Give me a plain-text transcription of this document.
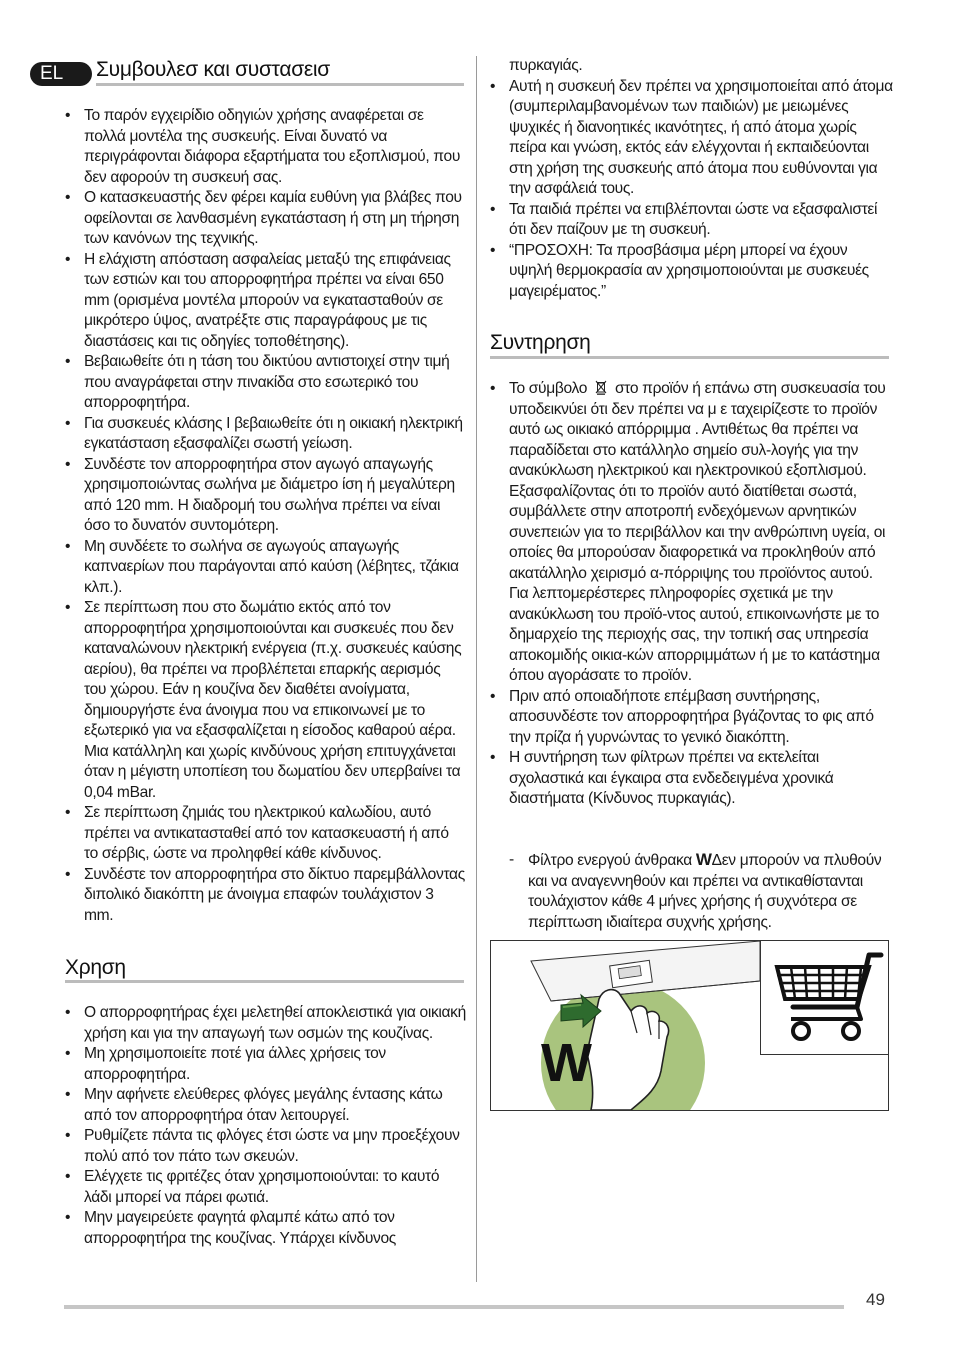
EL	Συμβουλεσ και συστασεισ
• Το παρόν εγχειρίδιο οδηγιών χρήσης αναφέρεται σε πολλά μοντέλα της συσκευής. Είναι δυνατό να περιγράφονται διάφορα εξαρτήματα του εξοπλισμού, που δεν αφορούν τη συσκευή σας.
• Ο κατασκευαστής δεν φέρει καμία ευθύνη για βλάβες που οφείλονται σε λανθασμένη εγκατάσταση ή στη μη τήρηση των κανόνων της τεχνικής.
• Η ελάχιστη απόσταση ασφαλείας μεταξύ της επιφάνειας των εστιών και του απορροφητήρα πρέπει να είναι 650 mm (ορισμένα μοντέλα μπορούν να εγκατασταθούν σε μικρότερο ύψος, ανατρέξτε στις παραγράφους με τις διαστάσεις και τις οδηγίες τοποθέτησης).
• Βεβαιωθείτε ότι η τάση του δικτύου αντιστοιχεί στην τιμή που αναγράφεται στην πινακίδα στο εσωτερικό του απορροφητήρα.
• Για συσκευές κλάσης I βεβαιωθείτε ότι η οικιακή ηλεκτρική εγκατάσταση εξασφαλίζει σωστή γείωση.
• Συνδέστε τον απορροφητήρα στον αγωγό απαγωγής χρησιμοποιώντας σωλήνα με διάμετρο ίση ή μεγαλύτερη από 120 mm. Η διαδρομή του σωλήνα πρέπει να είναι όσο το δυνατόν συντομότερη.
• Μη συνδέετε το σωλήνα σε αγωγούς απαγωγής καπναερίων που παράγονται από καύση (λέβητες, τζάκια κλπ.).
• Σε περίπτωση που στο δωμάτιο εκτός από τον απορροφητήρα χρησιμοποιούνται και συσκευές που δεν καταναλώνουν ηλεκτρική ενέργεια (π.χ. συσκευές καύσης αερίου), θα πρέπει να προβλέπεται επαρκής αερισμός του χώρου. Εάν η κουζίνα δεν διαθέτει ανοίγματα, δημιουργήστε ένα άνοιγμα που να επικοινωνεί με το εξωτερικό για να εξασφαλίζεται η είσοδος καθαρού αέρα. Μια κατάλληλη και χωρίς κινδύνους χρήση επιτυγχάνεται όταν η μέγιστη υποπίεση του δωματίου δεν υπερβαίνει τα 0,04 mBar.
• Σε περίπτωση ζημιάς του ηλεκτρικού καλωδίου, αυτό πρέπει να αντικατασταθεί από τον κατασκευαστή ή από το σέρβις, ώστε να προληφθεί κάθε κίνδυνος.
• Συνδέστε τον απορροφητήρα στο δίκτυο παρεμβάλλοντας διπολικό διακόπτη με άνοιγμα επαφών τουλάχιστον 3 mm.
Χρηση
• Ο απορροφητήρας έχει μελετηθεί αποκλειστικά για οικιακή χρήση και για την απαγωγή των οσμών της κουζίνας.
• Μη χρησιμοποιείτε ποτέ για άλλες χρήσεις τον απορροφητήρα.
• Μην αφήνετε ελεύθερες φλόγες μεγάλης έντασης κάτω από τον απορροφητήρα όταν λειτουργεί.
• Ρυθμίζετε πάντα τις φλόγες έτσι ώστε να μην προεξέχουν πολύ από τον πάτο των σκευών.
• Ελέγχετε τις φριτέζες όταν χρησιμοποιούνται: το καυτό λάδι μπορεί να πάρει φωτιά.
• Μην μαγειρεύετε φαγητά φλαμπέ κάτω από τον απορροφητήρα της κουζίνας. Υπάρχει κίνδυνος
πυρκαγιάς.
• Αυτή η συσκευή δεν πρέπει να χρησιμοποιείται από άτομα (συμπεριλαμβανομένων των παιδιών) με μειωμένες ψυχικές ή διανοητικές ικανότητες, ή από άτομα χωρίς πείρα και γνώση, εκτός εάν ελέγχονται ή εκπαιδεύονται στη χρήση της συσκευής από άτομα που ευθύνονται για την ασφάλειά τους.
• Τα παιδιά πρέπει να επιβλέπονται ώστε να εξασφαλιστεί ότι δεν παίζουν με τη συσκευή.
• “ΠΡΟΣΟΧΗ: Τα προσβάσιμα μέρη μπορεί να έχουν υψηλή θερμοκρασία αν χρησιμοποιούνται με συσκευές μαγειρέματος.”
Συντηρηση
• Το σύμβολο στο προϊόν ή επάνω στη συσκευασία του υποδεικνύει ότι δεν πρέπει να μ ε ταχειρίζεστε το προϊόν αυτό ως οικιακό απόρριμμα . Αντιθέτως θα πρέπει να παραδίδεται στο κατάλληλο σημείο συλ-λογής για την ανακύκλωση ηλεκτρικού και ηλεκτρονικού εξοπλισμού. Εξασφαλίζοντας ότι το προϊόν αυτό διατίθεται σωστά, συμβάλλετε στην αποτροπή ενδεχόμενων αρνητικών συνεπειών για το περιβάλλον και την ανθρώπινη υγεία, οι οποίες θα μπορούσαν διαφορετικά να προκληθούν από ακατάλληλο χειρισμό α-πόρριψης του προϊόντος αυτού. Για λεπτομερέστερες πληροφορίες σχετικά με την ανακύκλωση του προϊό-ντος αυτού, επικοινωνήστε με το δημαρχείο της περιοχής σας, την τοπική σας υπηρεσία αποκομιδής οικια-κών απορριμμάτων ή με το κατάστημα όπου αγοράσατε το προϊόν.
• Πριν από οποιαδήποτε επέμβαση συντήρησης, αποσυνδέστε τον απορροφητήρα βγάζοντας το φις από την πρίζα ή γυρνώντας το γενικό διακόπτη.
• Η συντήρηση των φίλτρων πρέπει να εκτελείται σχολαστικά και έγκαιρα στα ενδεδειγμένα χρονικά διαστήματα (Κίνδυνος πυρκαγιάς).
- Φίλτρο ενεργού άνθρακα WΔεν μπορούν να πλυθούν και να αναγεννηθούν και πρέπει να αντικαθίστανται τουλάχιστον κάθε 4 μήνες χρήσης ή συχνότερα σε περίπτωση ιδιαίτερα συχνής χρήσης.
W
49
